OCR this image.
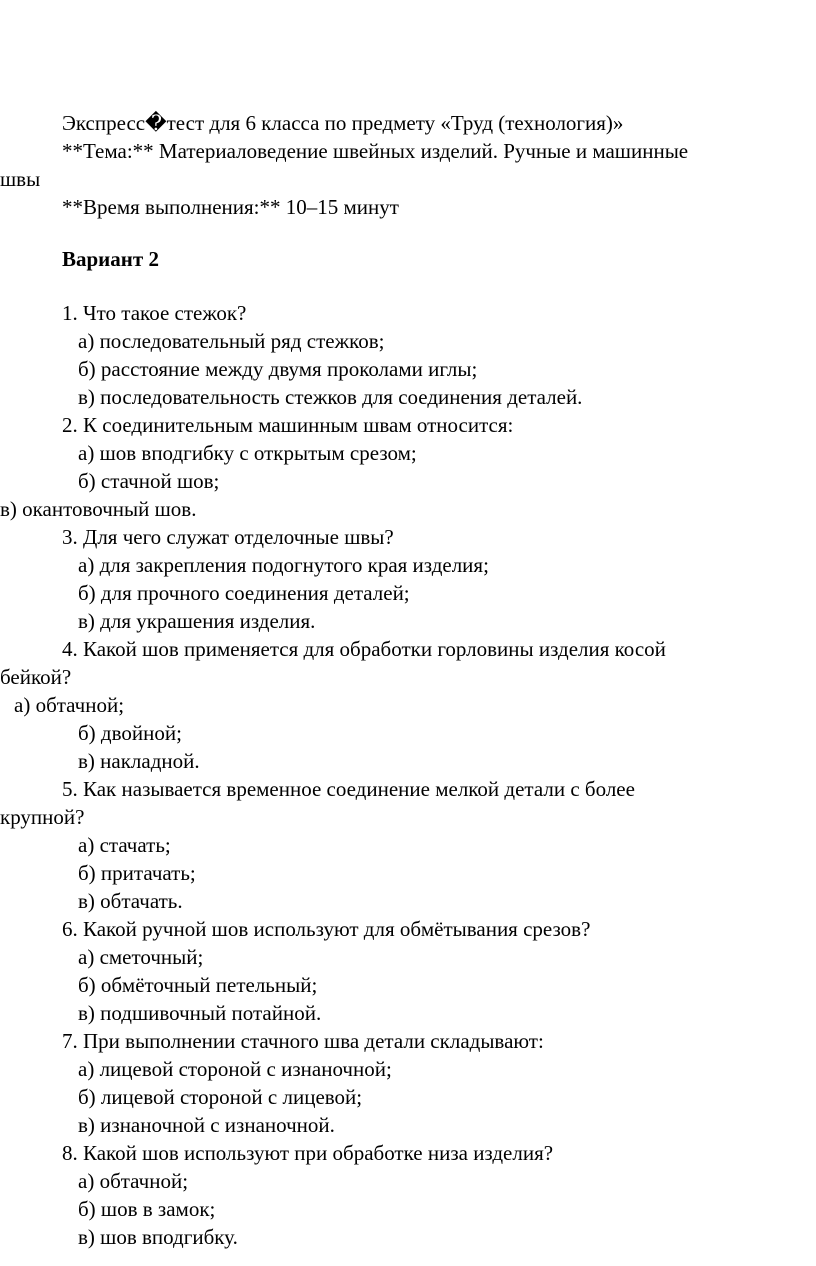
Экспресс�тест для 6 класса по предмету «Труд (технология)»
**Тема:** Материаловедение швейных изделий. Ручные и машинные
швы
**Время выполнения:** 10–15 минут
Вариант 2
1. Что такое стежок?
а) последовательный ряд стежков;
б) расстояние между двумя проколами иглы;
в) последовательность стежков для соединения деталей.
2. К соединительным машинным швам относится:
а) шов вподгибку с открытым срезом;
б) стачной шов;
в) окантовочный шов.
3. Для чего служат отделочные швы?
а) для закрепления подогнутого края изделия;
б) для прочного соединения деталей;
в) для украшения изделия.
4. Какой шов применяется для обработки горловины изделия косой
бейкой?
а) обтачной;
б) двойной;
в) накладной.
5. Как называется временное соединение мелкой детали с более
крупной?
а) стачать;
б) притачать;
в) обтачать.
6. Какой ручной шов используют для обмётывания срезов?
а) сметочный;
б) обмёточный петельный;
в) подшивочный потайной.
7. При выполнении стачного шва детали складывают:
а) лицевой стороной с изнаночной;
б) лицевой стороной с лицевой;
в) изнаночной с изнаночной.
8. Какой шов используют при обработке низа изделия?
а) обтачной;
б) шов в замок;
в) шов вподгибку.
